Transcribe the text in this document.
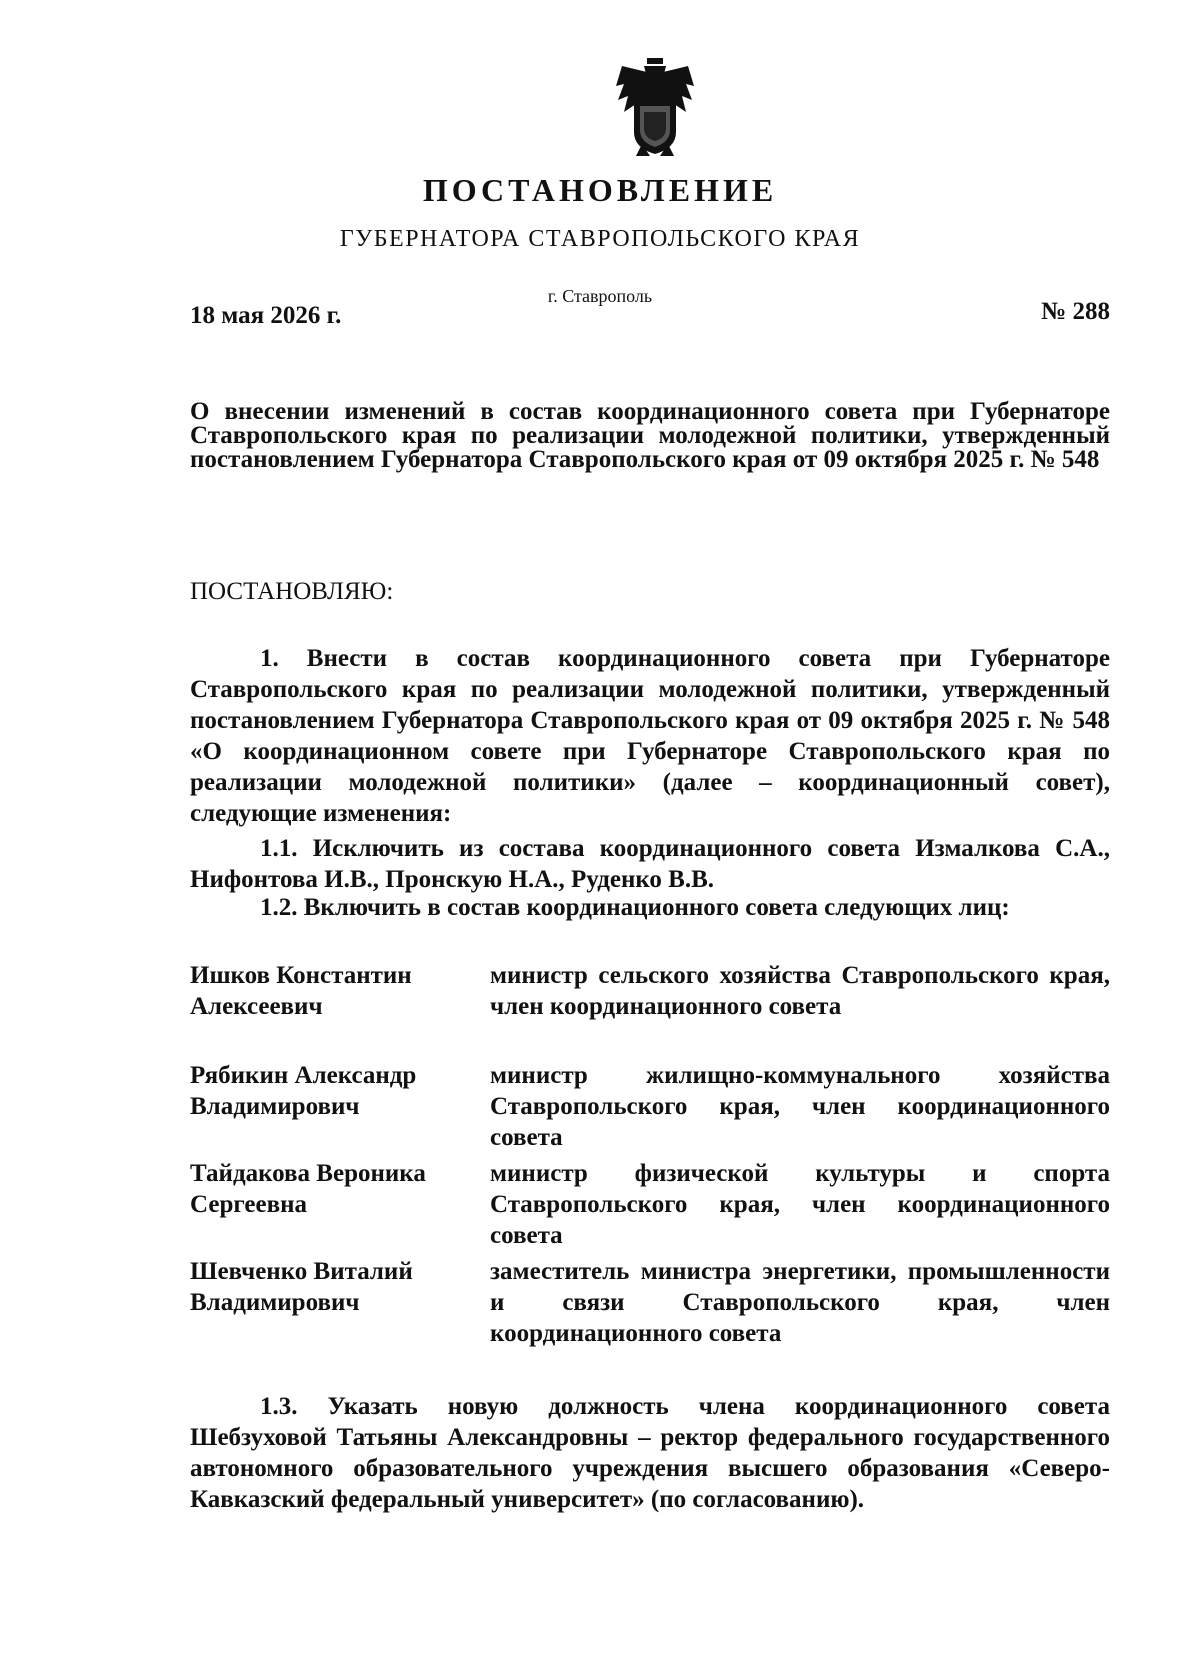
ПОСТАНОВЛЕНИЕ
ГУБЕРНАТОРА СТАВРОПОЛЬСКОГО КРАЯ
г. Ставрополь
18 мая 2026 г.	№ 288
О внесении изменений в состав координационного совета при Губернаторе Ставропольского края по реализации молодежной политики, утвержденный постановлением Губернатора Ставропольского края от 09 октября 2025 г. № 548
ПОСТАНОВЛЯЮ:
1. Внести в состав координационного совета при Губернаторе Ставропольского края по реализации молодежной политики, утвержденный постановлением Губернатора Ставропольского края от 09 октября 2025 г. № 548 «О координационном совете при Губернаторе Ставропольского края по реализации молодежной политики» (далее – координационный совет), следующие изменения:
1.1. Исключить из состава координационного совета Измалкова С.А., Нифонтова И.В., Пронскую Н.А., Руденко В.В.
1.2. Включить в состав координационного совета следующих лиц:
Ишков Константин Алексеевич
министр сельского хозяйства Ставропольского края, член координационного совета
Рябикин Александр Владимирович
министр жилищно-коммунального хозяйства Ставропольского края, член координационного совета
Тайдакова Вероника Сергеевна
министр физической культуры и спорта Ставропольского края, член координационного совета
Шевченко Виталий Владимирович
заместитель министра энергетики, промышленности и связи Ставропольского края, член координационного совета
1.3. Указать новую должность члена координационного совета Шебзуховой Татьяны Александровны – ректор федерального государственного автономного образовательного учреждения высшего образования «Северо-Кавказский федеральный университет» (по согласованию).
